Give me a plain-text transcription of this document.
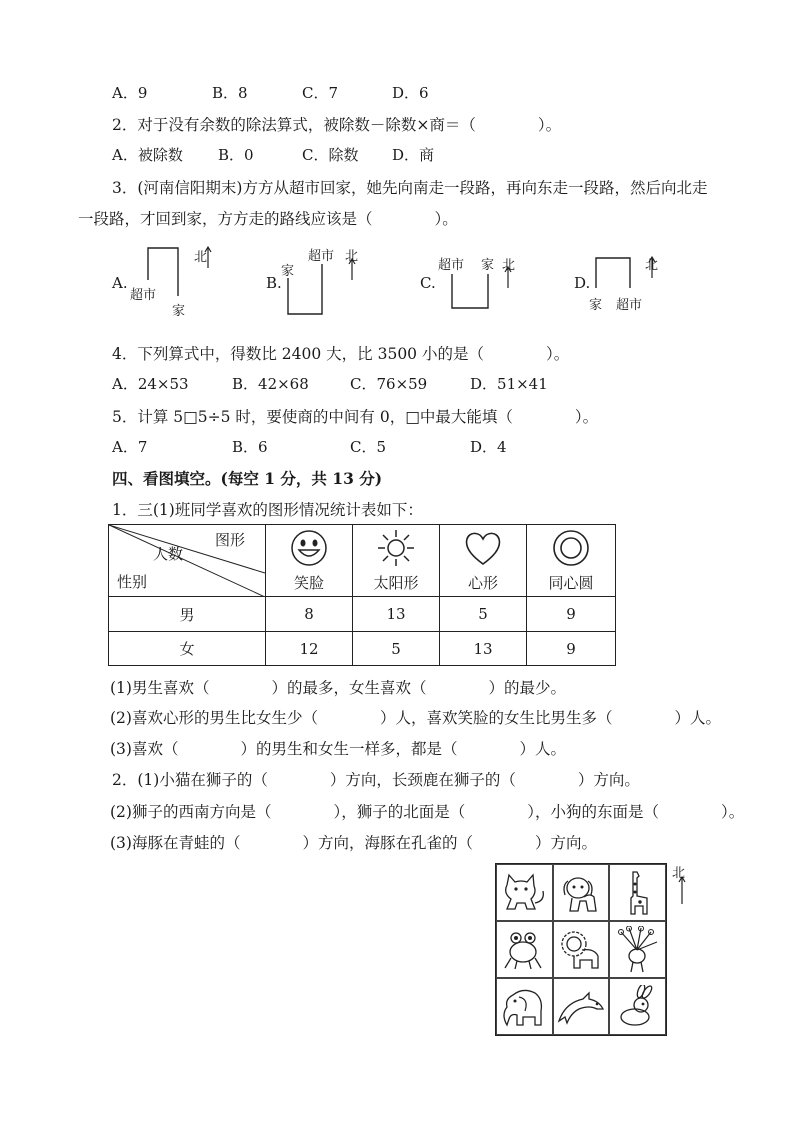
A．9	B．8	C．7	D．6
2．对于没有余数的除法算式，被除数－除数×商＝（　　　　）。
A．被除数 B．0	C．除数 D．商
3．(河南信阳期末)方方从超市回家，她先向南走一段路，再向东走一段路，然后向北走
一段路，才回到家，方方走的路线应该是（　　　　）。
A.
超市
家
北
B.
家
超市 北
C.
超市 家 北
D.
家 超市
北
4．下列算式中，得数比 2400 大，比 3500 小的是（　　　　）。
A．24×53	B．42×68	C．76×59	D．51×41
5．计算 5□5÷5 时，要使商的中间有 0，□中最大能填（　　　　）。
A．7	B．6	C．5	D．4
四、看图填空。(每空 1 分，共 13 分)
1．三(1)班同学喜欢的图形情况统计表如下：
图形
人数
性别	笑脸	太阳形	心形	同心圆

男	8	13	5	9
女	12	5	13	9
(1)男生喜欢（　　　　）的最多，女生喜欢（　　　　）的最少。
(2)喜欢心形的男生比女生少（　　　　）人，喜欢笑脸的女生比男生多（　　　　）人。
(3)喜欢（　　　　）的男生和女生一样多，都是（　　　　）人。
2．(1)小猫在狮子的（　　　　）方向，长颈鹿在狮子的（　　　　）方向。
(2)狮子的西南方向是（　　　　），狮子的北面是（　　　　），小狗的东面是（　　　　）。
(3)海豚在青蛙的（　　　　）方向，海豚在孔雀的（　　　　）方向。
北
